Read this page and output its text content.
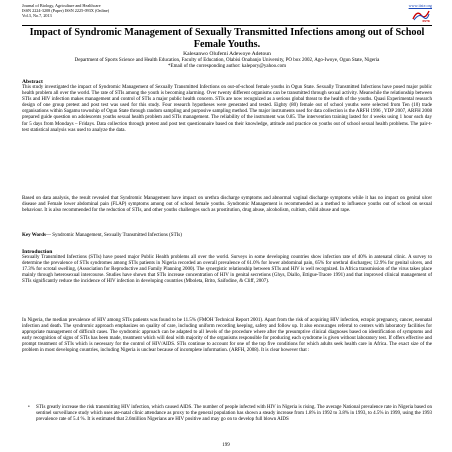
Journal of Biology, Agriculture and Healthcare
ISSN 2224-3208 (Paper) ISSN 2225-093X (Online)
Vol.3, No.7, 2013
www.iiste.org
IISTE
Impact of Syndromic Management of Sexually Transmitted Infections among out of School Female Youths.
Kalesanwo Olufemi Adewoye Adetoun
Department of Sports Science and Health Education, Faculty of Education, Olabisi Onabanjo University, PO box 2002, Ago-Iwoye, Ogun State, Nigeria
*Email of the corresponding author: kalepory@yahoo.com
Abstract
This study investigated the impact of Syndromic Management of Sexually Transmitted Infections on out-of-school female youths in Ogun State. Sexually Transmitted Infections have posed major public health problem all over the world. The rate of STIs among the youth is becoming alarming. Over twenty different organisms can be transmitted through sexual activity. Meanwhile the relationship between STIs and HIV infection makes management and control of STIs a major public health concern. STIs are now recognized as a serious global threat to the health of the youths. Quasi Experimental research design of one group pretest and post test was used for this study. Four research hypotheses were generated and tested. Eighty (80) female out of school youths were selected from Ten (10) trade organisations within Sagamu township of Ogun State through random sampling and purposive sampling method. The major instruments used for data collection is the ARFH 1996 , YDP 2007, ARFH 2008 prepared guide question on adolescents youths sexual health problem and STIs management. The reliability of the instrument was 0.85. The intervention training lasted for 4 weeks using 1 hour each day for 5 days from Mondays – Fridays. Data collection through pretest and post test questionnaire based on their knowledge, attitude and practice on youths out of school sexual health problems. The pair-t-test statistical analysis was used to analyze the data.
Based on data analysis, the result revealed that Syndromic Management have impact on urethra discharge symptoms and abnormal vaginal discharge symptoms while it has no impact on genital ulcer disease and Female lower abdominal pain (FLAP) symptoms among out of school female youths. Syndromic Management is recommended as a method to influence youths out of school on sexual behaviour. It is also recommended for the reduction of STIs, and other youths challenges such as prostitution, drug abuse, alcoholism, cultism, child abuse and rape.
Key Words— Syndromic Management, Sexually Transmitted Infections (STIs)
Introduction
Sexually Transmitted Infections (STIs) have posed major Public Health problems all over the world. Surveys in some developing countries show infection rate of 40% in antenatal clinic. A survey to determine the prevalence of STIs syndromes among STIs patients in Nigeria recorded an overall prevalence of 61.0% for lower abdominal pain, 65% for urethral discharges; 12.9% for genital ulcers, and 17.3% for scrotal swelling, (Association for Reproductive and Family Planning 2000). The synergistic relationship between STIs and HIV is well recognized. In Africa transmission of the virus takes place mainly through heterosexual intercourse. Studies have shown that STIs increase concentration of HIV in genital secretions (Ghys, Diallo, Ettigue-Traore 1991) and that improved clinical management of STIs significantly reduce the incidence of HIV infection in developing countries (Mboleta, Brito, Saifodine, & Cliff, 2007).
In Nigeria, the median prevalence of HIV among STIs patients was found to be 11.5% (FMOH Technical Report 2001). Apart from the risk of acquiring HIV infection, ectopic pregnancy, cancer, neonatal infection and death. The syndromic approach emphasizes on quality of care, including uniform recording keeping, safety and follow up. It also encourages referral to centers with laboratory facilities for appropriate management of difficult cases. The syndromic approach can be adapted to all levels of the procedure where after the presumptive clinical diagnoses based on identification of symptoms and early recognition of signs of STIs has been made, treatment which will deal with majority of the organisms responsible for producing each syndrome is given without laboratory test. If offers effective and prompt treatment of STIs which is necessary for the control of HIV/AIDS. STIs continue to account for one of the top five conditions for which adults seek health care in Africa. The exact size of the problem in most developing countries, including Nigeria is unclear because of incomplete information. (ARFH, 2008). It is clear however that :
• STIs greatly increase the risk transmitting HIV infection, which caused AIDS. The number of people infected with HIV in Nigeria is rising. The average National prevalence rate in Nigeria based on sentinel surveillance study which uses ate-natal clinic attendance as proxy to the general population has shown a steady increase from 1.8% in 1992 to 3.8% in 1993, to 4.5% in 1999, using the 1993 prevalence rate of 5.4 %. It is estimated that 2.6million Nigerians are HIV positive and may go on to develop full blown AIDS
199
